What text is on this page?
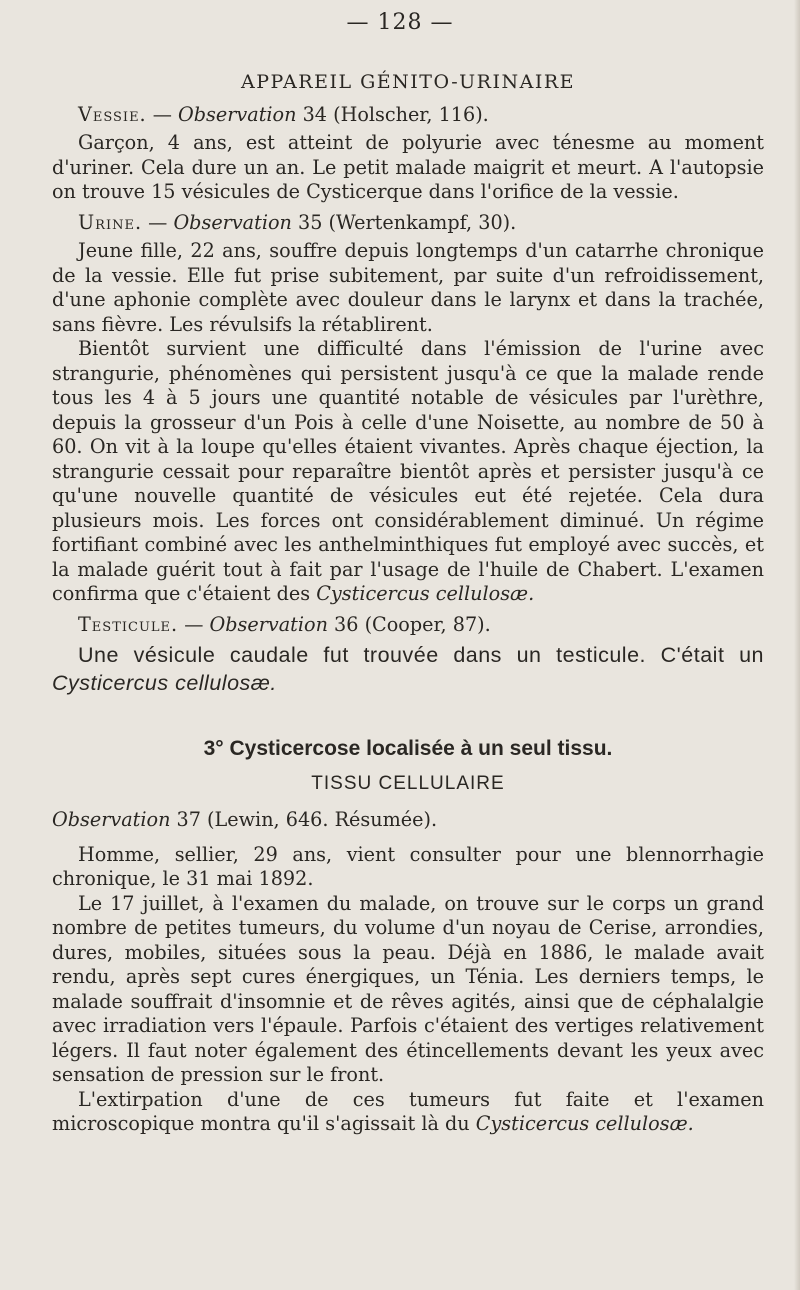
— 128 —
APPAREIL GÉNITO-URINAIRE

Vessie. — Observation 34 (Holscher, 116).

Garçon, 4 ans, est atteint de polyurie avec ténesme au moment d'uriner. Cela dure un an. Le petit malade maigrit et meurt. A l'autopsie on trouve 15 vésicules de Cysticerque dans l'orifice de la vessie.

Urine. — Observation 35 (Wertenkampf, 30).

Jeune fille, 22 ans, souffre depuis longtemps d'un catarrhe chronique de la vessie. Elle fut prise subitement, par suite d'un refroidissement, d'une aphonie complète avec douleur dans le larynx et dans la trachée, sans fièvre. Les révulsifs la rétablirent.

Bientôt survient une difficulté dans l'émission de l'urine avec strangurie, phénomènes qui persistent jusqu'à ce que la malade rende tous les 4 à 5 jours une quantité notable de vésicules par l'urèthre, depuis la grosseur d'un Pois à celle d'une Noisette, au nombre de 50 à 60. On vit à la loupe qu'elles étaient vivantes. Après chaque éjection, la strangurie cessait pour reparaître bientôt après et persister jusqu'à ce qu'une nouvelle quantité de vésicules eut été rejetée. Cela dura plusieurs mois. Les forces ont considérablement diminué. Un régime fortifiant combiné avec les anthelminthiques fut employé avec succès, et la malade guérit tout à fait par l'usage de l'huile de Chabert. L'examen confirma que c'étaient des Cysticercus cellulosæ.

Testicule. — Observation 36 (Cooper, 87).

Une vésicule caudale fut trouvée dans un testicule. C'était un Cysticercus cellulosæ.

3° Cysticercose localisée à un seul tissu.
TISSU CELLULAIRE

Observation 37 (Lewin, 646. Résumée).

Homme, sellier, 29 ans, vient consulter pour une blennorrhagie chronique, le 31 mai 1892.

Le 17 juillet, à l'examen du malade, on trouve sur le corps un grand nombre de petites tumeurs, du volume d'un noyau de Cerise, arrondies, dures, mobiles, situées sous la peau. Déjà en 1886, le malade avait rendu, après sept cures énergiques, un Ténia. Les derniers temps, le malade souffrait d'insomnie et de rêves agités, ainsi que de céphalalgie avec irradiation vers l'épaule. Parfois c'étaient des vertiges relativement légers. Il faut noter également des étincellements devant les yeux avec sensation de pression sur le front.

L'extirpation d'une de ces tumeurs fut faite et l'examen microscopique montra qu'il s'agissait là du Cysticercus cellulosæ.
